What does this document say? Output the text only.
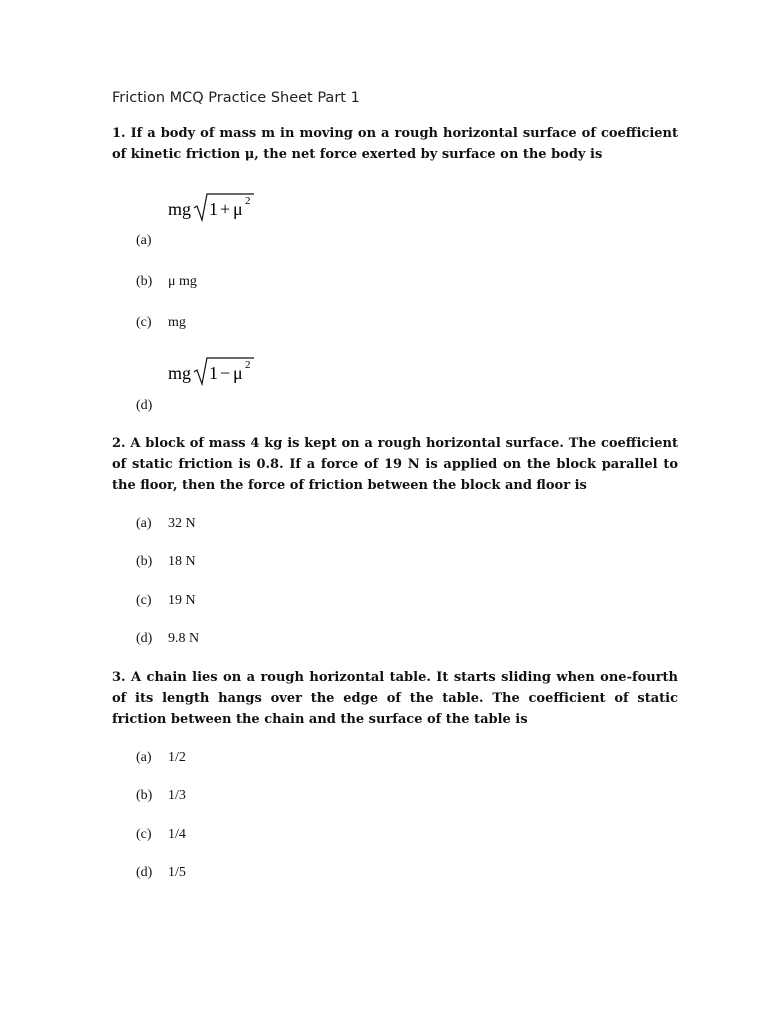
Friction MCQ Practice Sheet Part 1
1. If a body of mass m in moving on a rough horizontal surface of coefficient of kinetic friction μ, the net force exerted by surface on the body is
mg 1 + μ 2
(a)
(b) μ mg
(c) mg
mg 1 − μ 2
(d)
2. A block of mass 4 kg is kept on a rough horizontal surface. The coefficient of static friction is 0.8. If a force of 19 N is applied on the block parallel to the floor, then the force of friction between the block and floor is
(a) 32 N
(b) 18 N
(c) 19 N
(d) 9.8 N
3. A chain lies on a rough horizontal table. It starts sliding when one-fourth of its length hangs over the edge of the table. The coefficient of static friction between the chain and the surface of the table is
(a) 1/2
(b) 1/3
(c) 1/4
(d) 1/5
